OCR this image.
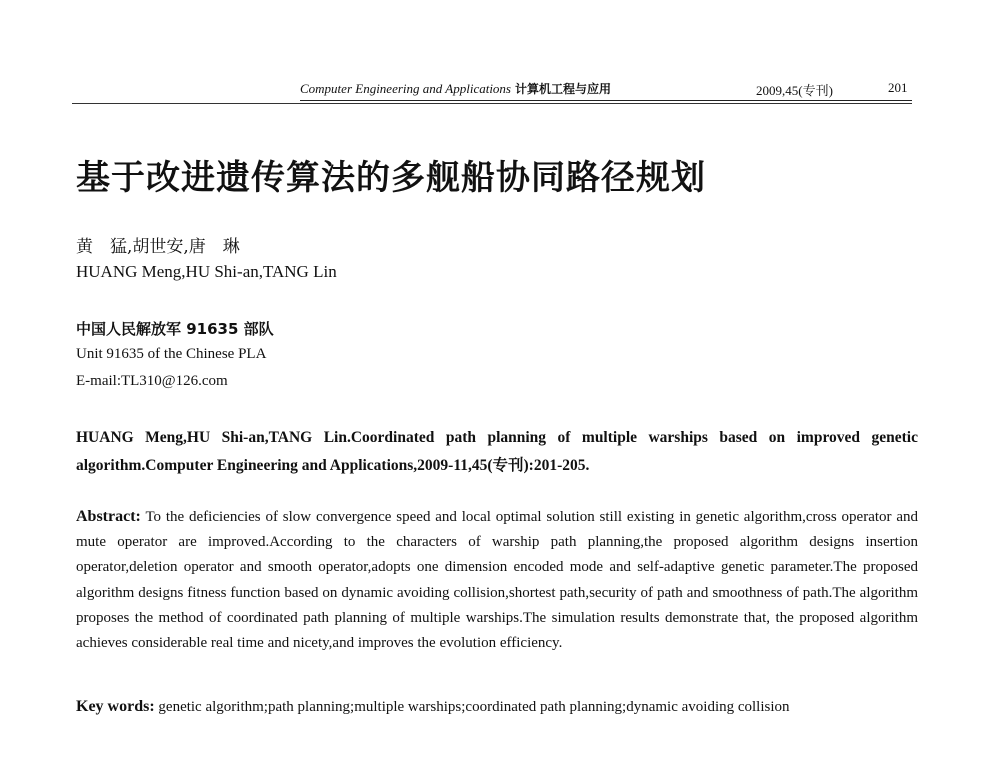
Computer Engineering and Applications 计算机工程与应用	2009,45(专刊)	201
基于改进遗传算法的多舰船协同路径规划
黄　猛,胡世安,唐　琳
HUANG Meng,HU Shi-an,TANG Lin
中国人民解放军 91635 部队
Unit 91635 of the Chinese PLA
E-mail:TL310@126.com
HUANG Meng,HU Shi-an,TANG Lin.Coordinated path planning of multiple warships based on improved genetic algorithm.Computer Engineering and Applications,2009-11,45(专刊):201-205.
Abstract: To the deficiencies of slow convergence speed and local optimal solution still existing in genetic algorithm,cross operator and mute operator are improved.According to the characters of warship path planning,the proposed algorithm designs insertion operator,deletion operator and smooth operator,adopts one dimension encoded mode and self-adaptive genetic parameter.The proposed algorithm designs fitness function based on dynamic avoiding collision,shortest path,security of path and smoothness of path.The algorithm proposes the method of coordinated path planning of multiple warships.The simulation results demonstrate that, the proposed algorithm achieves considerable real time and nicety,and improves the evolution efficiency.
Key words: genetic algorithm;path planning;multiple warships;coordinated path planning;dynamic avoiding collision
